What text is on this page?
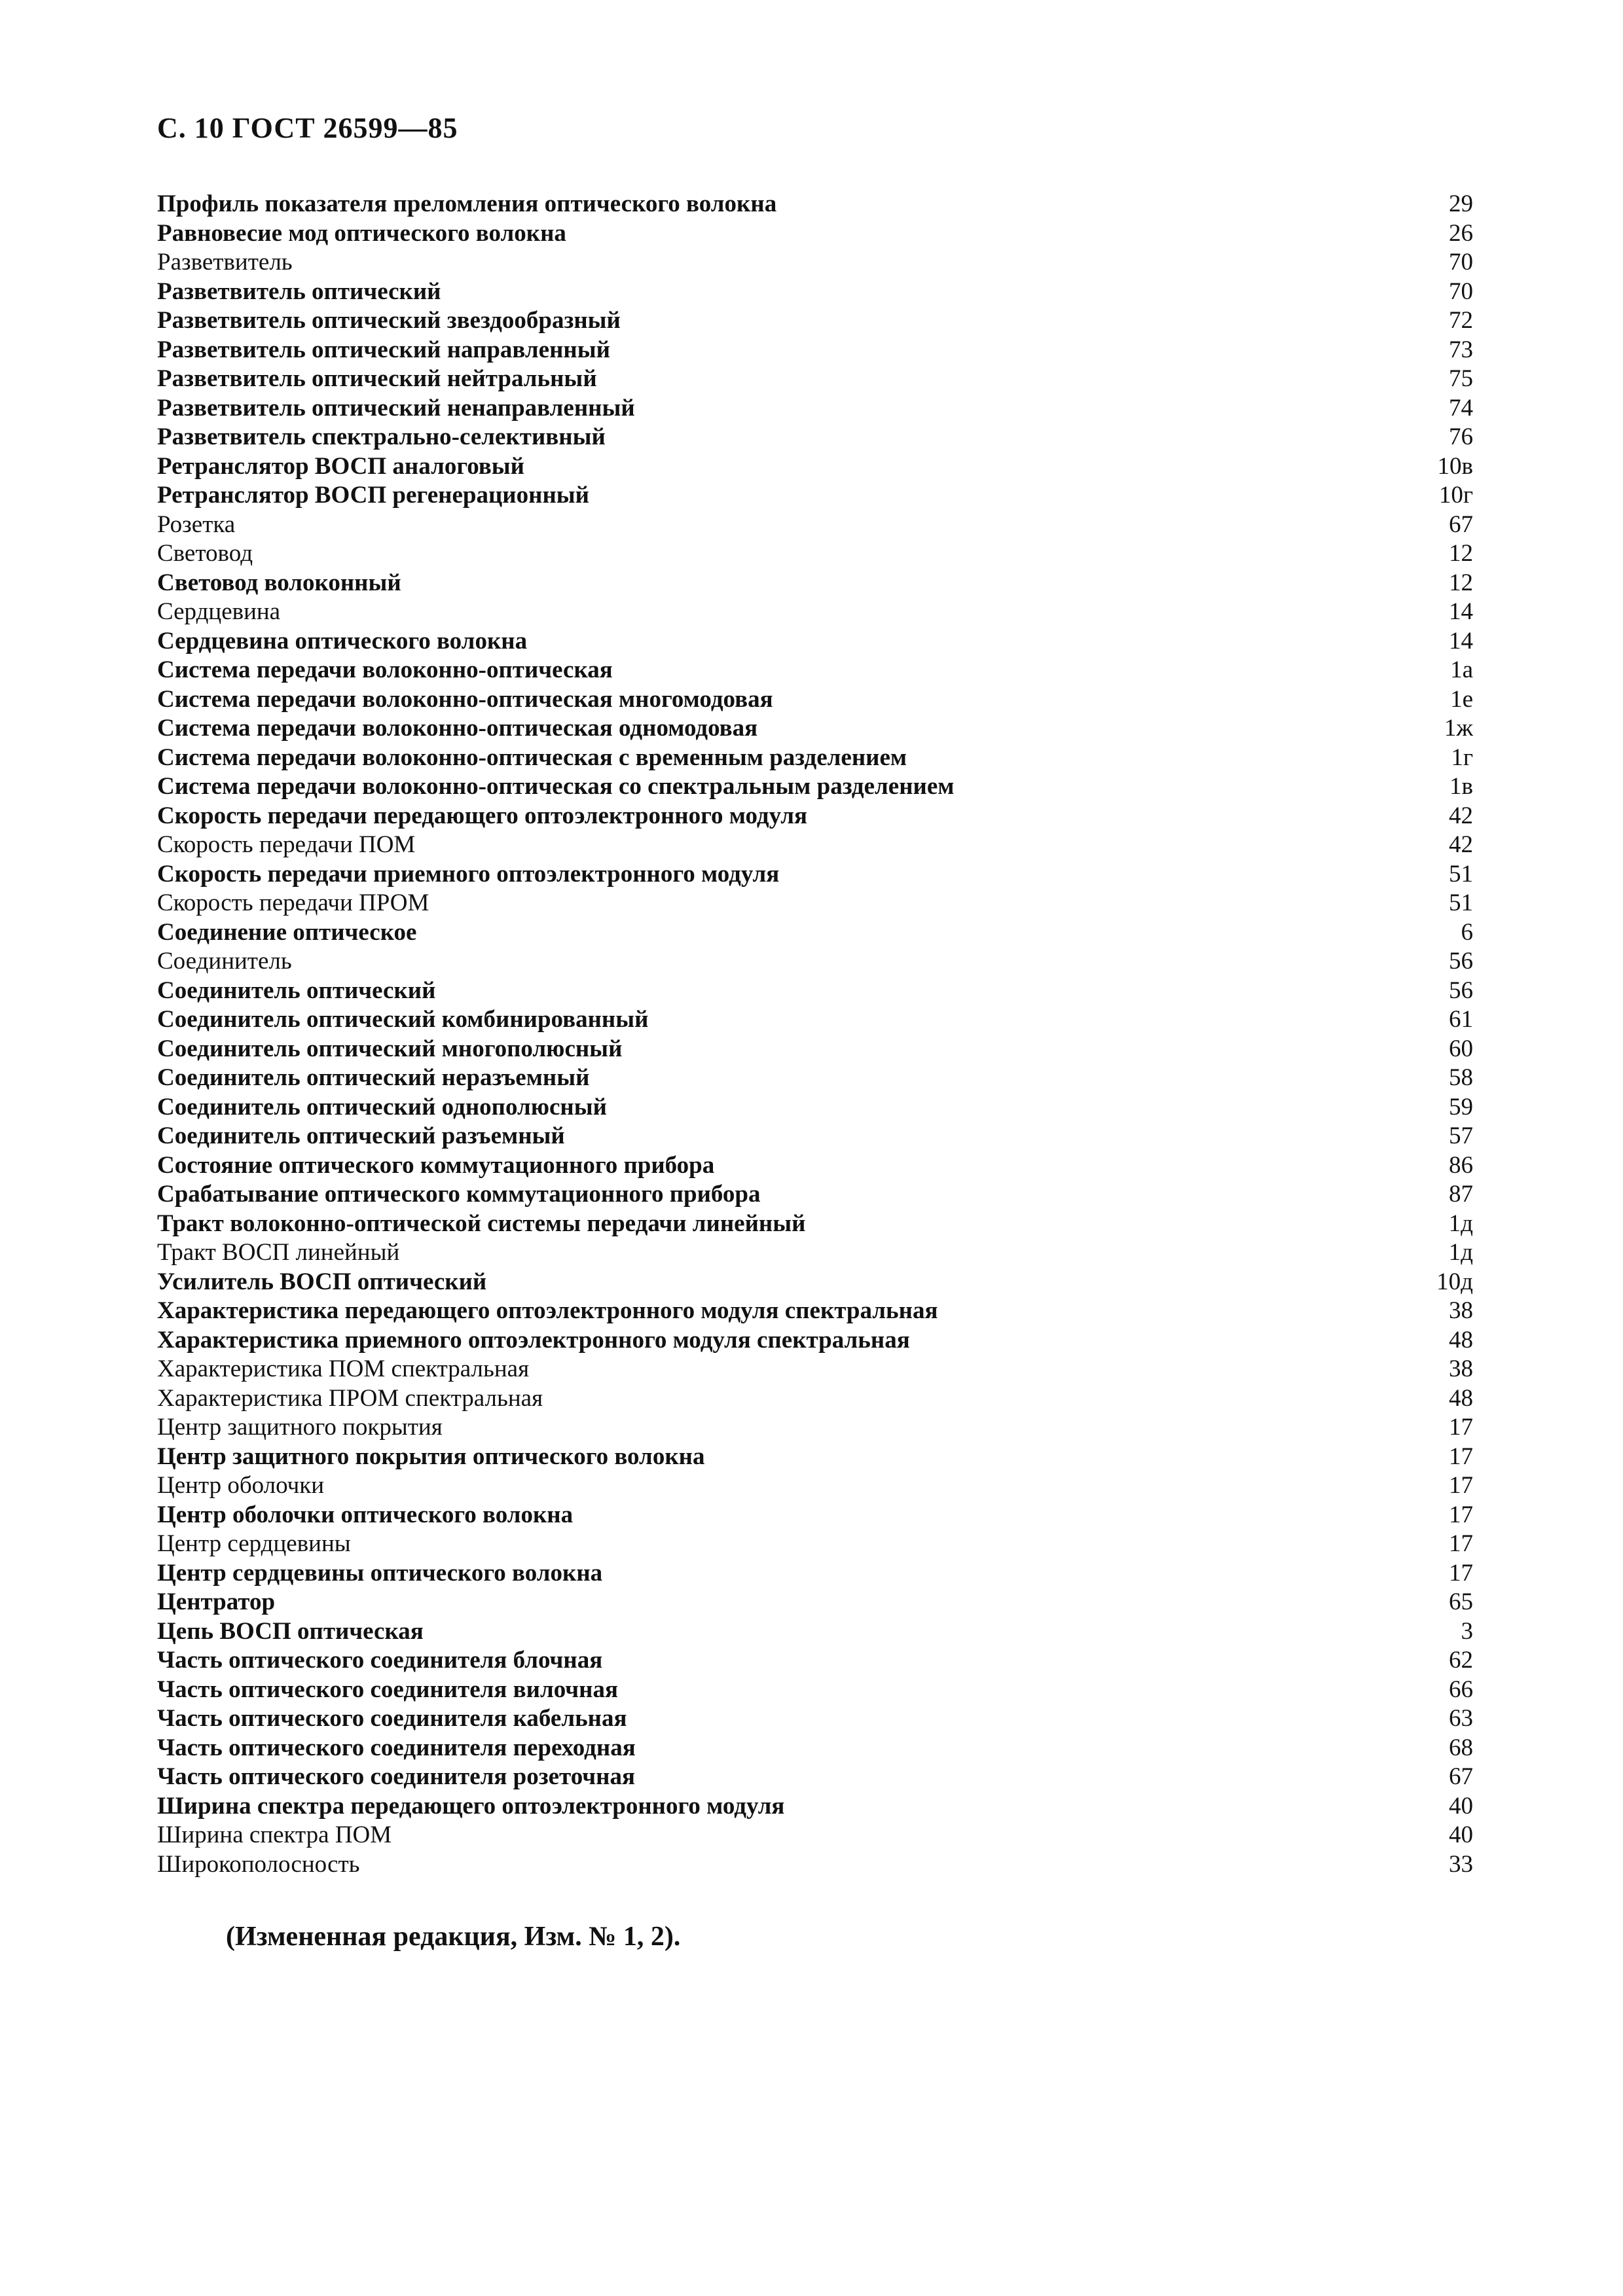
С. 10 ГОСТ 26599—85
Профиль показателя преломления оптического волокна	29
Равновесие мод оптического волокна	26
Разветвитель	70
Разветвитель оптический	70
Разветвитель оптический звездообразный	72
Разветвитель оптический направленный	73
Разветвитель оптический нейтральный	75
Разветвитель оптический ненаправленный	74
Разветвитель спектрально-селективный	76
Ретранслятор ВОСП аналоговый	10в
Ретранслятор ВОСП регенерационный	10г
Розетка	67
Световод	12
Световод волоконный	12
Сердцевина	14
Сердцевина оптического волокна	14
Система передачи волоконно-оптическая	1а
Система передачи волоконно-оптическая многомодовая	1е
Система передачи волоконно-оптическая одномодовая	1ж
Система передачи волоконно-оптическая с временным разделением	1г
Система передачи волоконно-оптическая со спектральным разделением	1в
Скорость передачи передающего оптоэлектронного модуля	42
Скорость передачи ПОМ	42
Скорость передачи приемного оптоэлектронного модуля	51
Скорость передачи ПРОМ	51
Соединение оптическое	6
Соединитель	56
Соединитель оптический	56
Соединитель оптический комбинированный	61
Соединитель оптический многополюсный	60
Соединитель оптический неразъемный	58
Соединитель оптический однополюсный	59
Соединитель оптический разъемный	57
Состояние оптического коммутационного прибора	86
Срабатывание оптического коммутационного прибора	87
Тракт волоконно-оптической системы передачи линейный	1д
Тракт ВОСП линейный	1д
Усилитель ВОСП оптический	10д
Характеристика передающего оптоэлектронного модуля спектральная	38
Характеристика приемного оптоэлектронного модуля спектральная	48
Характеристика ПОМ спектральная	38
Характеристика ПРОМ спектральная	48
Центр защитного покрытия	17
Центр защитного покрытия оптического волокна	17
Центр оболочки	17
Центр оболочки оптического волокна	17
Центр сердцевины	17
Центр сердцевины оптического волокна	17
Центратор	65
Цепь ВОСП оптическая	3
Часть оптического соединителя блочная	62
Часть оптического соединителя вилочная	66
Часть оптического соединителя кабельная	63
Часть оптического соединителя переходная	68
Часть оптического соединителя розеточная	67
Ширина спектра передающего оптоэлектронного модуля	40
Ширина спектра ПОМ	40
Широкополосность	33
(Измененная редакция, Изм. № 1, 2).
